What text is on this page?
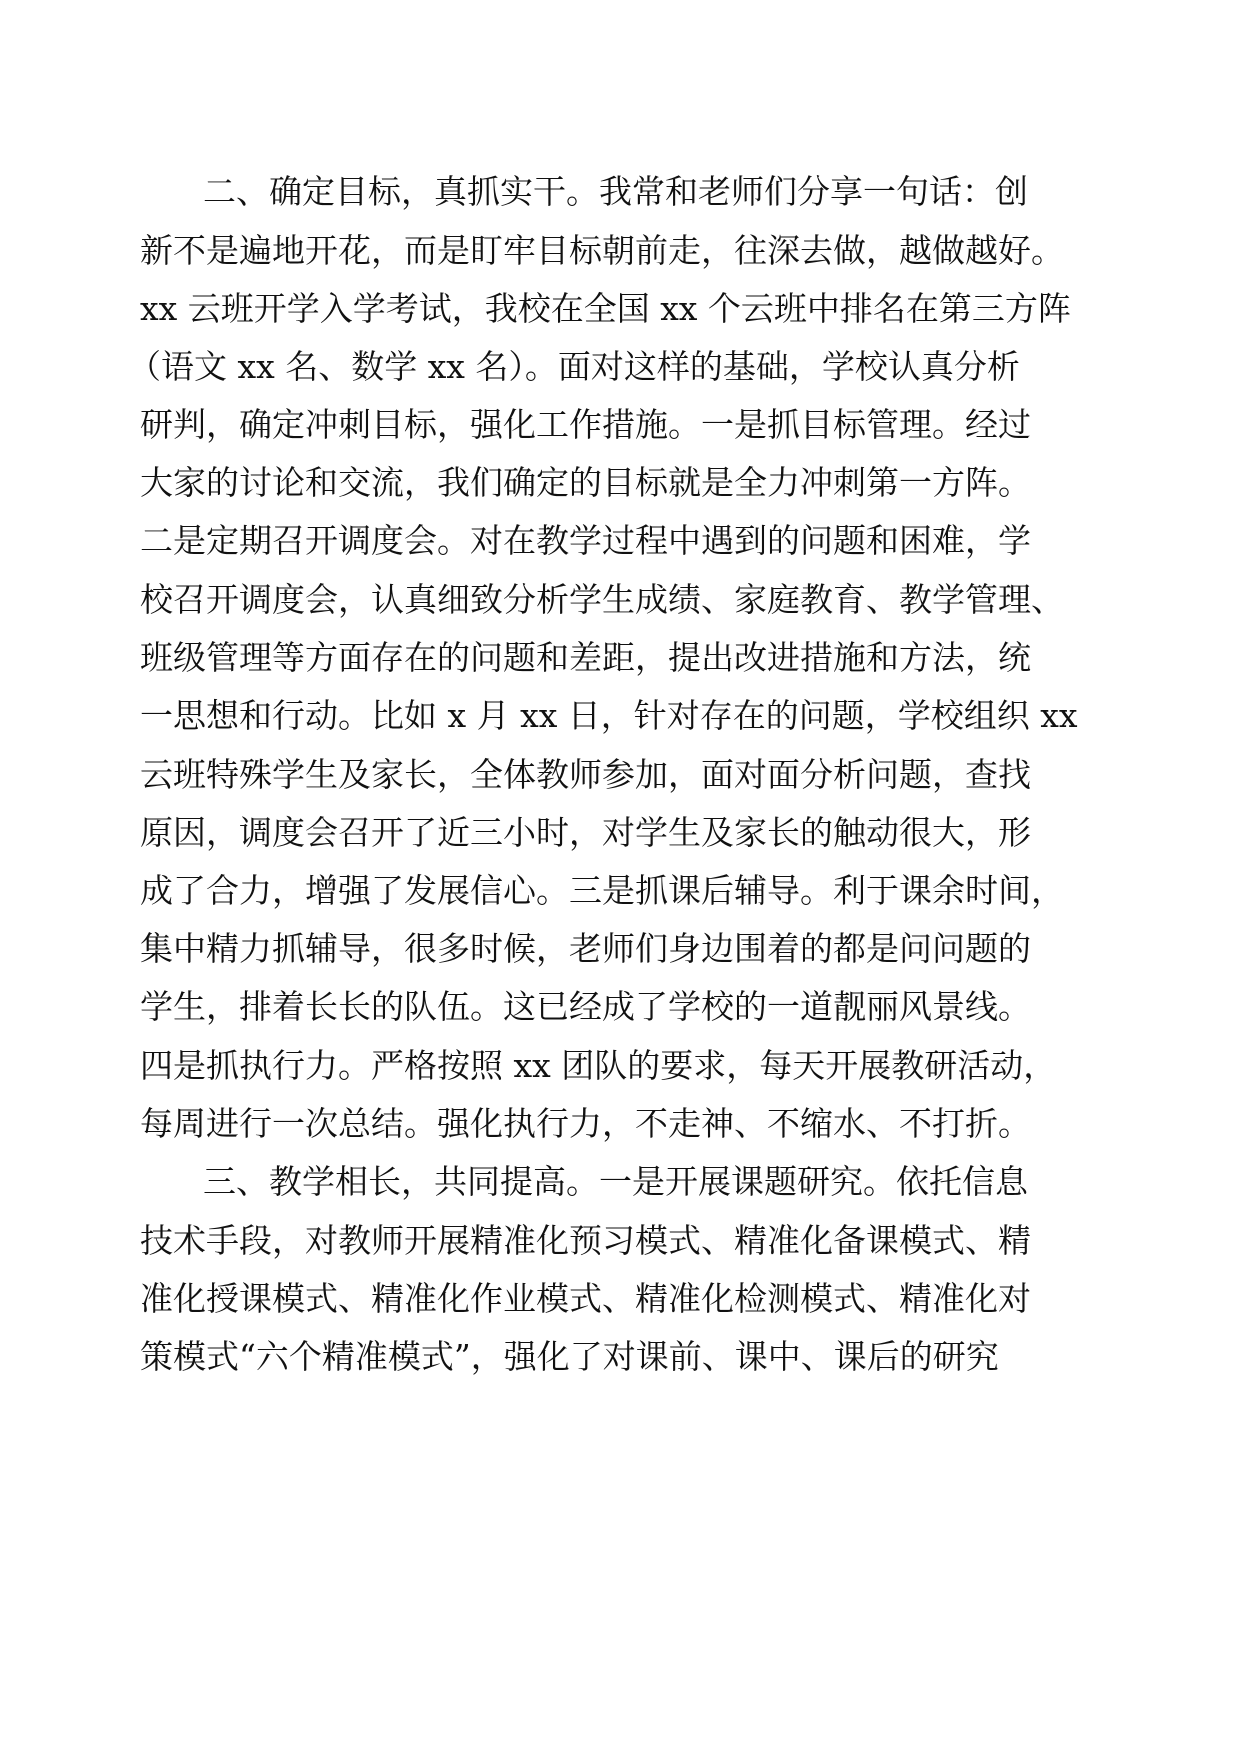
二、确定目标，真抓实干。我常和老师们分享一句话：创
新不是遍地开花，而是盯牢目标朝前走，往深去做，越做越好。
xx 云班开学入学考试，我校在全国 xx 个云班中排名在第三方阵
（语文 xx 名、数学 xx 名）。面对这样的基础，学校认真分析
研判，确定冲刺目标，强化工作措施。一是抓目标管理。经过
大家的讨论和交流，我们确定的目标就是全力冲刺第一方阵。
二是定期召开调度会。对在教学过程中遇到的问题和困难，学
校召开调度会，认真细致分析学生成绩、家庭教育、教学管理、
班级管理等方面存在的问题和差距，提出改进措施和方法，统
一思想和行动。比如 x 月 xx 日，针对存在的问题，学校组织 xx
云班特殊学生及家长，全体教师参加，面对面分析问题，查找
原因，调度会召开了近三小时，对学生及家长的触动很大，形
成了合力，增强了发展信心。三是抓课后辅导。利于课余时间，
集中精力抓辅导，很多时候，老师们身边围着的都是问问题的
学生，排着长长的队伍。这已经成了学校的一道靓丽风景线。
四是抓执行力。严格按照 xx 团队的要求，每天开展教研活动，
每周进行一次总结。强化执行力，不走神、不缩水、不打折。
三、教学相长，共同提高。一是开展课题研究。依托信息
技术手段，对教师开展精准化预习模式、精准化备课模式、精
准化授课模式、精准化作业模式、精准化检测模式、精准化对
策模式“六个精准模式”，强化了对课前、课中、课后的研究
